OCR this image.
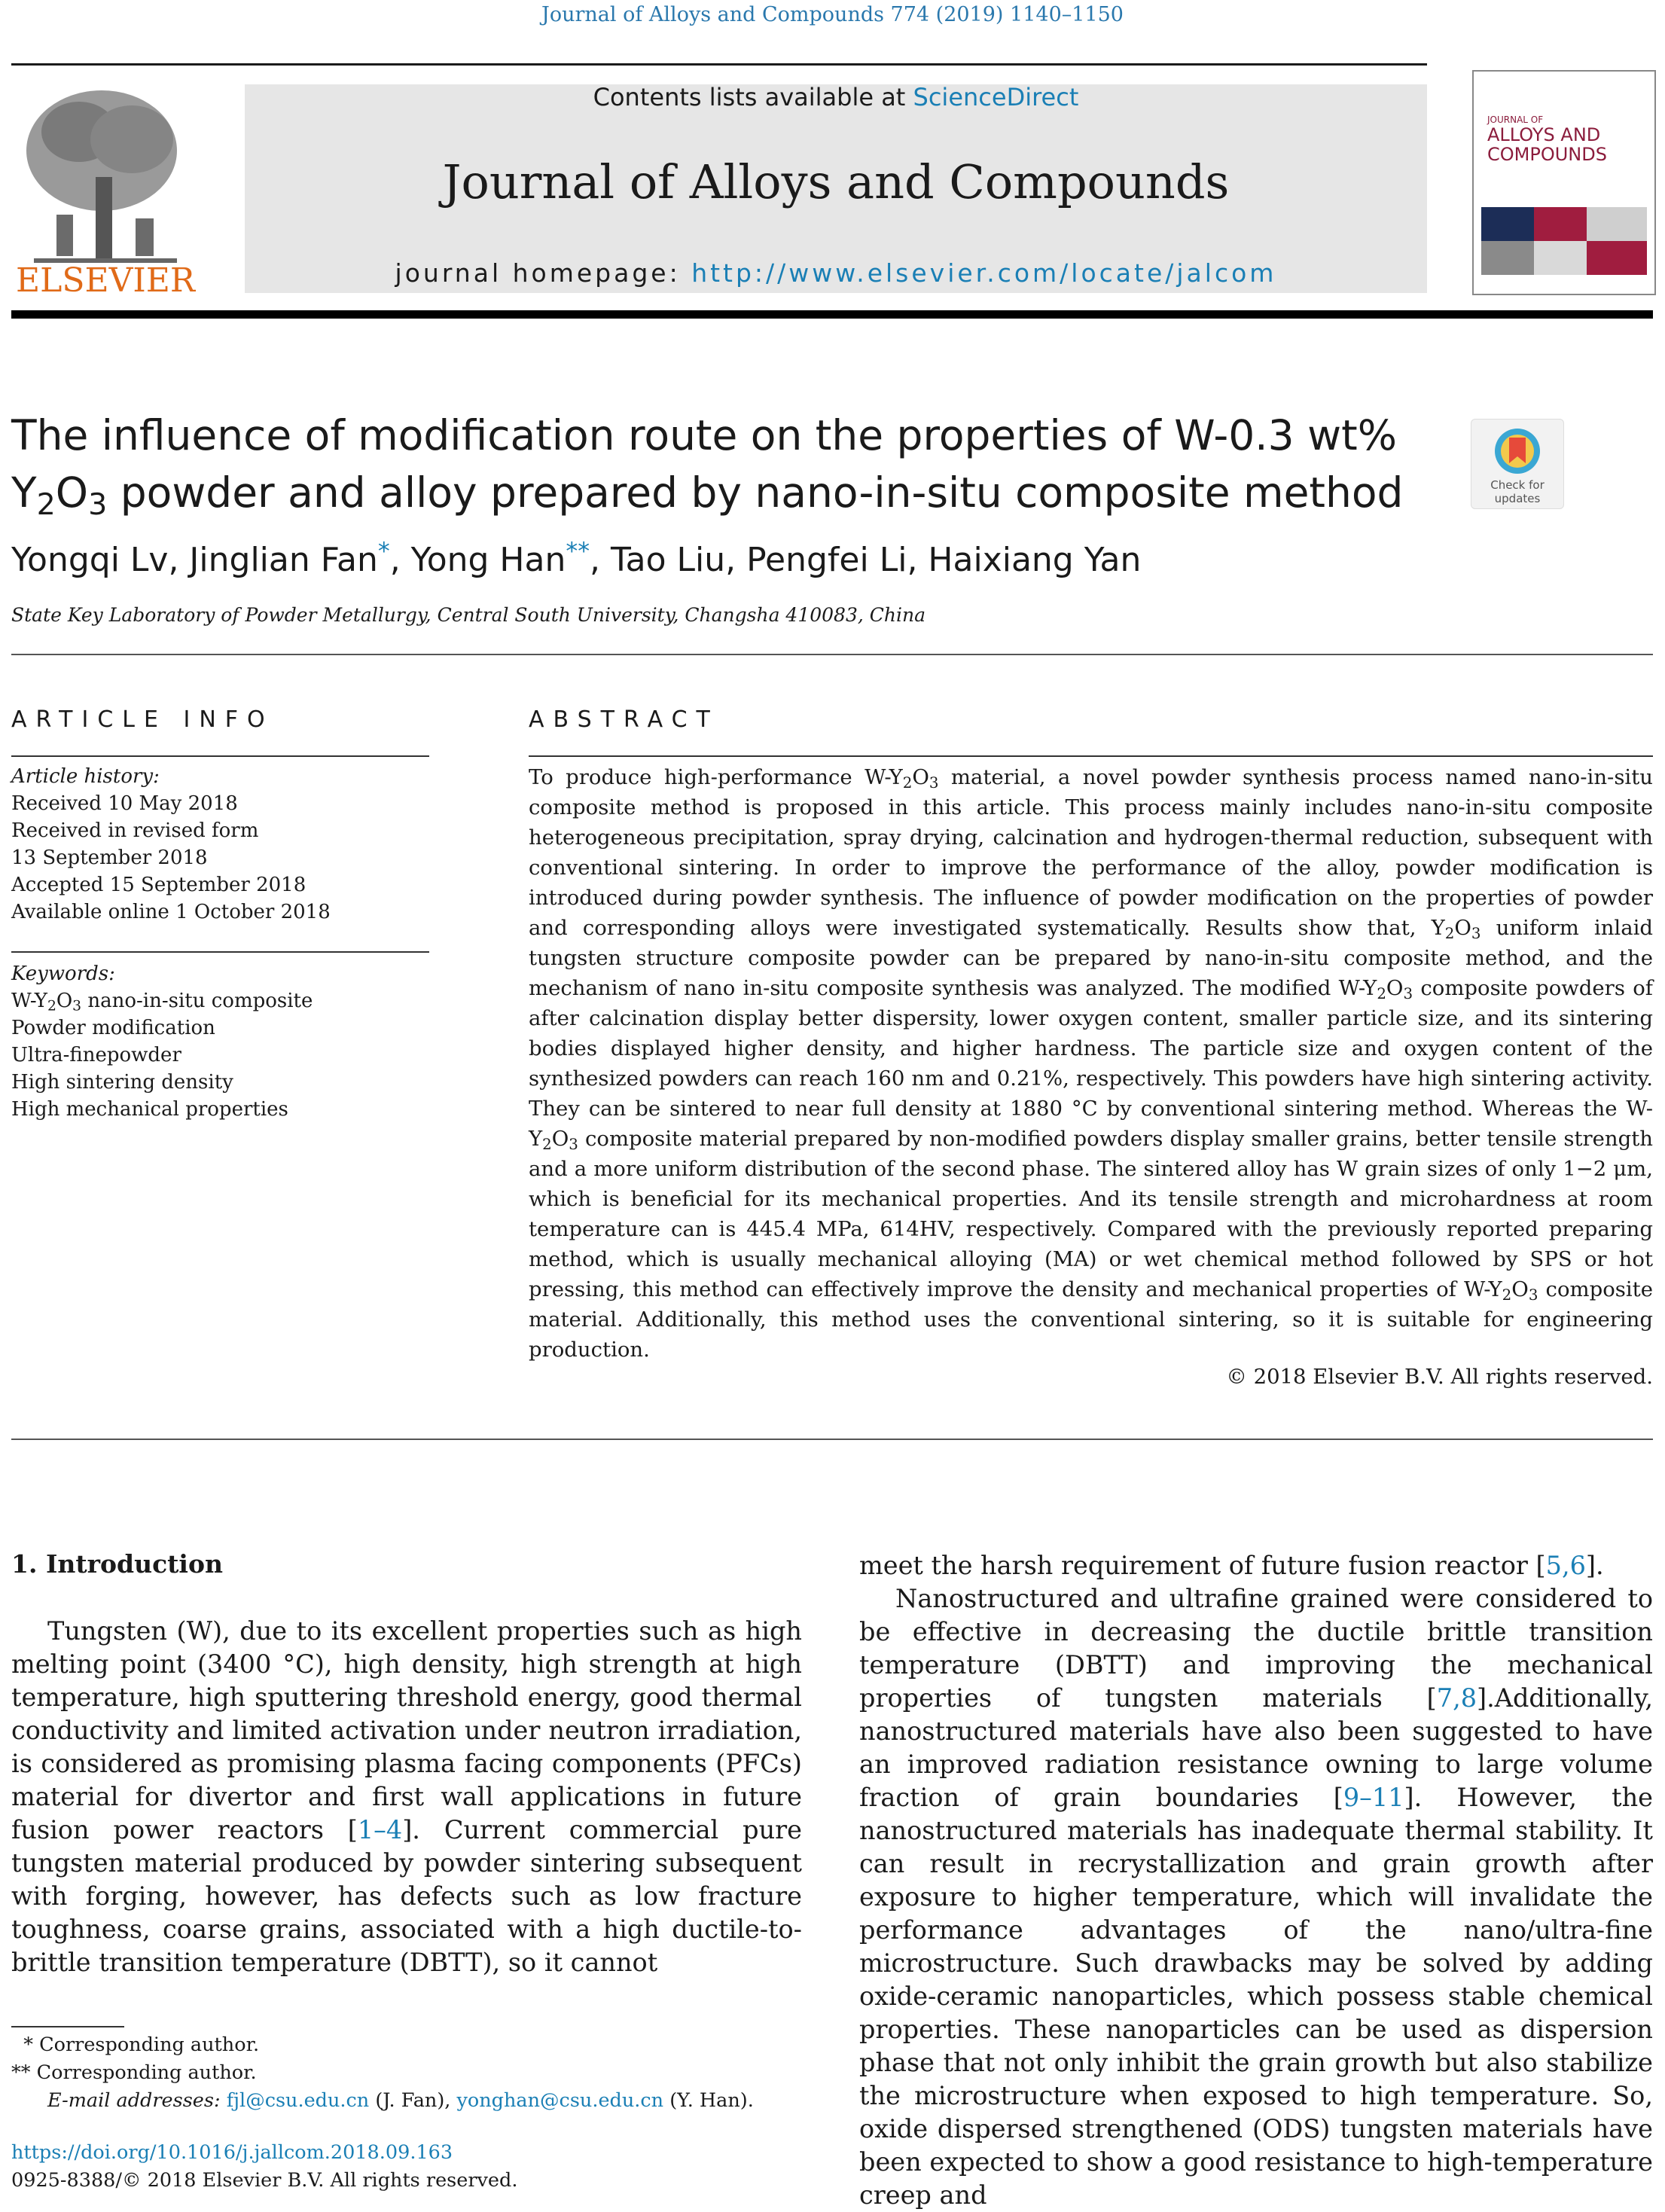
Journal of Alloys and Compounds 774 (2019) 1140–1150
ELSEVIER
Contents lists available at ScienceDirect
Journal of Alloys and Compounds
journal homepage: http://www.elsevier.com/locate/jalcom
JOURNAL OF
ALLOYS AND
COMPOUNDS
The influence of modification route on the properties of W-0.3 wt% $Y_2O_3$ powder and alloy prepared by nano-in-situ composite method	Check for
updates
Yongqi Lv, Jinglian Fan*, Yong Han**, Tao Liu, Pengfei Li, Haixiang Yan
State Key Laboratory of Powder Metallurgy, Central South University, Changsha 410083, China
ARTICLE INFO
Article history:
Received 10 May 2018
Received in revised form
13 September 2018
Accepted 15 September 2018
Available online 1 October 2018
Keywords:
$W-Y_2O_3$ nano-in-situ composite
Powder modification
Ultra-finepowder
High sintering density
High mechanical properties
ABSTRACT
To produce high-performance $W-Y_2O_3$ material, a novel powder synthesis process named nano-in-situ composite method is proposed in this article. This process mainly includes nano-in-situ composite heterogeneous precipitation, spray drying, calcination and hydrogen-thermal reduction, subsequent with conventional sintering. In order to improve the performance of the alloy, powder modification is introduced during powder synthesis. The influence of powder modification on the properties of powder and corresponding alloys were investigated systematically. Results show that, $Y_2O_3$ uniform inlaid tungsten structure composite powder can be prepared by nano-in-situ composite method, and the mechanism of nano in-situ composite synthesis was analyzed. The modified $W-Y_2O_3$ composite powders of after calcination display better dispersity, lower oxygen content, smaller particle size, and its sintering bodies displayed higher density, and higher hardness. The particle size and oxygen content of the synthesized powders can reach 160 nm and 0.21%, respectively. This powders have high sintering activity. They can be sintered to near full density at 1880 °C by conventional sintering method. Whereas the $W-Y_2O_3$ composite material prepared by non-modified powders display smaller grains, better tensile strength and a more uniform distribution of the second phase. The sintered alloy has W grain sizes of only 1−2 μm, which is beneficial for its mechanical properties. And its tensile strength and microhardness at room temperature can is 445.4 MPa, 614HV, respectively. Compared with the previously reported preparing method, which is usually mechanical alloying (MA) or wet chemical method followed by SPS or hot pressing, this method can effectively improve the density and mechanical properties of $W-Y_2O_3$ composite material. Additionally, this method uses the conventional sintering, so it is suitable for engineering production.
© 2018 Elsevier B.V. All rights reserved.
1. Introduction
Tungsten (W), due to its excellent properties such as high melting point (3400 °C), high density, high strength at high temperature, high sputtering threshold energy, good thermal conductivity and limited activation under neutron irradiation, is considered as promising plasma facing components (PFCs) material for divertor and first wall applications in future fusion power reactors [1–4]. Current commercial pure tungsten material produced by powder sintering subsequent with forging, however, has defects such as low fracture toughness, coarse grains, associated with a high ductile-to-brittle transition temperature (DBTT), so it cannot
meet the harsh requirement of future fusion reactor [5,6].
Nanostructured and ultrafine grained were considered to be effective in decreasing the ductile brittle transition temperature (DBTT) and improving the mechanical properties of tungsten materials [7,8].Additionally, nanostructured materials have also been suggested to have an improved radiation resistance owning to large volume fraction of grain boundaries [9–11]. However, the nanostructured materials has inadequate thermal stability. It can result in recrystallization and grain growth after exposure to higher temperature, which will invalidate the performance advantages of the nano/ultra-fine microstructure. Such drawbacks may be solved by adding oxide-ceramic nanoparticles, which possess stable chemical properties. These nanoparticles can be used as dispersion phase that not only inhibit the grain growth but also stabilize the microstructure when exposed to high temperature. So, oxide dispersed strengthened (ODS) tungsten materials have been expected to show a good resistance to high-temperature creep and
* Corresponding author.
** Corresponding author.
E-mail addresses: fjl@csu.edu.cn (J. Fan), yonghan@csu.edu.cn (Y. Han).
https://doi.org/10.1016/j.jallcom.2018.09.163
0925-8388/© 2018 Elsevier B.V. All rights reserved.
